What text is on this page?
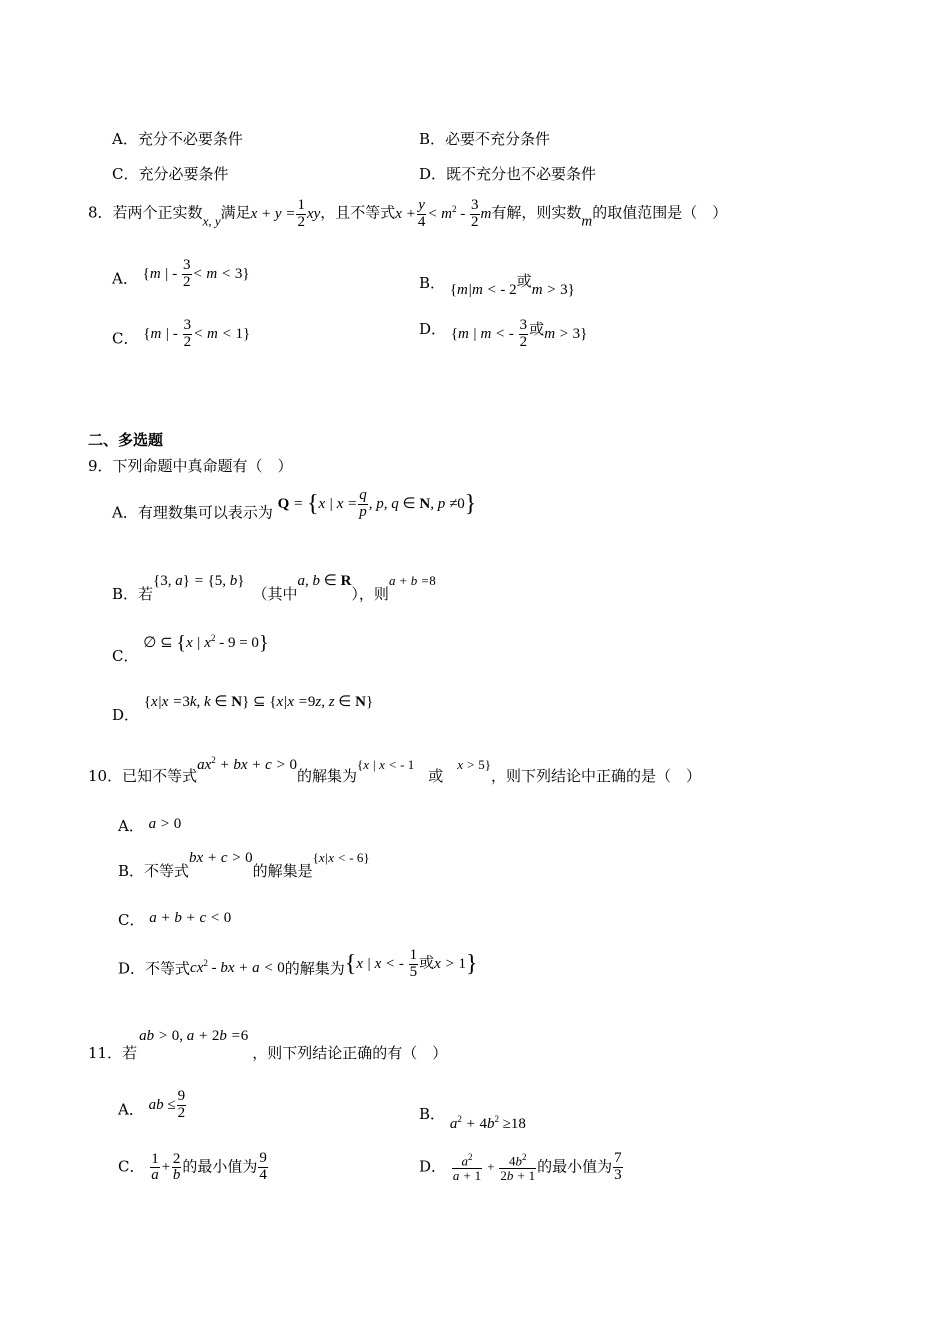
A．充分不必要条件	B．必要不充分条件
C．充分必要条件	D．既不充分也不必要条件
8．若两个正实数x, y满足$x + y = \frac{1}{2}$ xy，且不等式$x + \frac{y}{4} < m^2 - \frac{3}{2}$ m有解，则实数m的取值范围是（　）
A． {m | - $\frac{3}{2} < m < 3$}
B． {m|m < - 2或m > 3}
C． {m | - $\frac{3}{2} < m < 1$}	D． {m | m < - $\frac{3}{2}$ 或m > 3}
二、多选题
9．下列命题中真命题有（　）
A．有理数集可以表示为 Q = {x | $x = \frac{q}{p}$ , p, q ∈ N, p ≠0}
B．若{3, a} = {5, b}（其中a, b ∈ R），则a + b =8
C． ∅ ⊆ {x | $x^2 - 9 = 0$}
D． {x|x =3k, k ∈ N} ⊆ {x|x =9z, z ∈ N}
10．已知不等式$ax^2$ + bx + c > 0的解集为{x | x < - 1或x > 5}，则下列结论中正确的是（　）
A． a > 0
B．不等式bx + c > 0的解集是{x|x < - 6}
C． a + b + c < 0
D．不等式$cx^2$ - bx + a < 0的解集为{x | x < - $\frac{1}{5}$ 或x > 1}
11．若ab > 0, a + 2b =6，则下列结论正确的有（　）
A． ab ≤ $\frac{9}{2}$	B． $a^2 + 4b^2 \ge 18$
C． $\frac{1}{a} + \frac{2}{b}$ 的最小值为 $\frac{9}{4}$	D． $\frac{a^2}{a + 1} + \frac{4b^2}{2b + 1}$ 的最小值为 $\frac{7}{3}$
